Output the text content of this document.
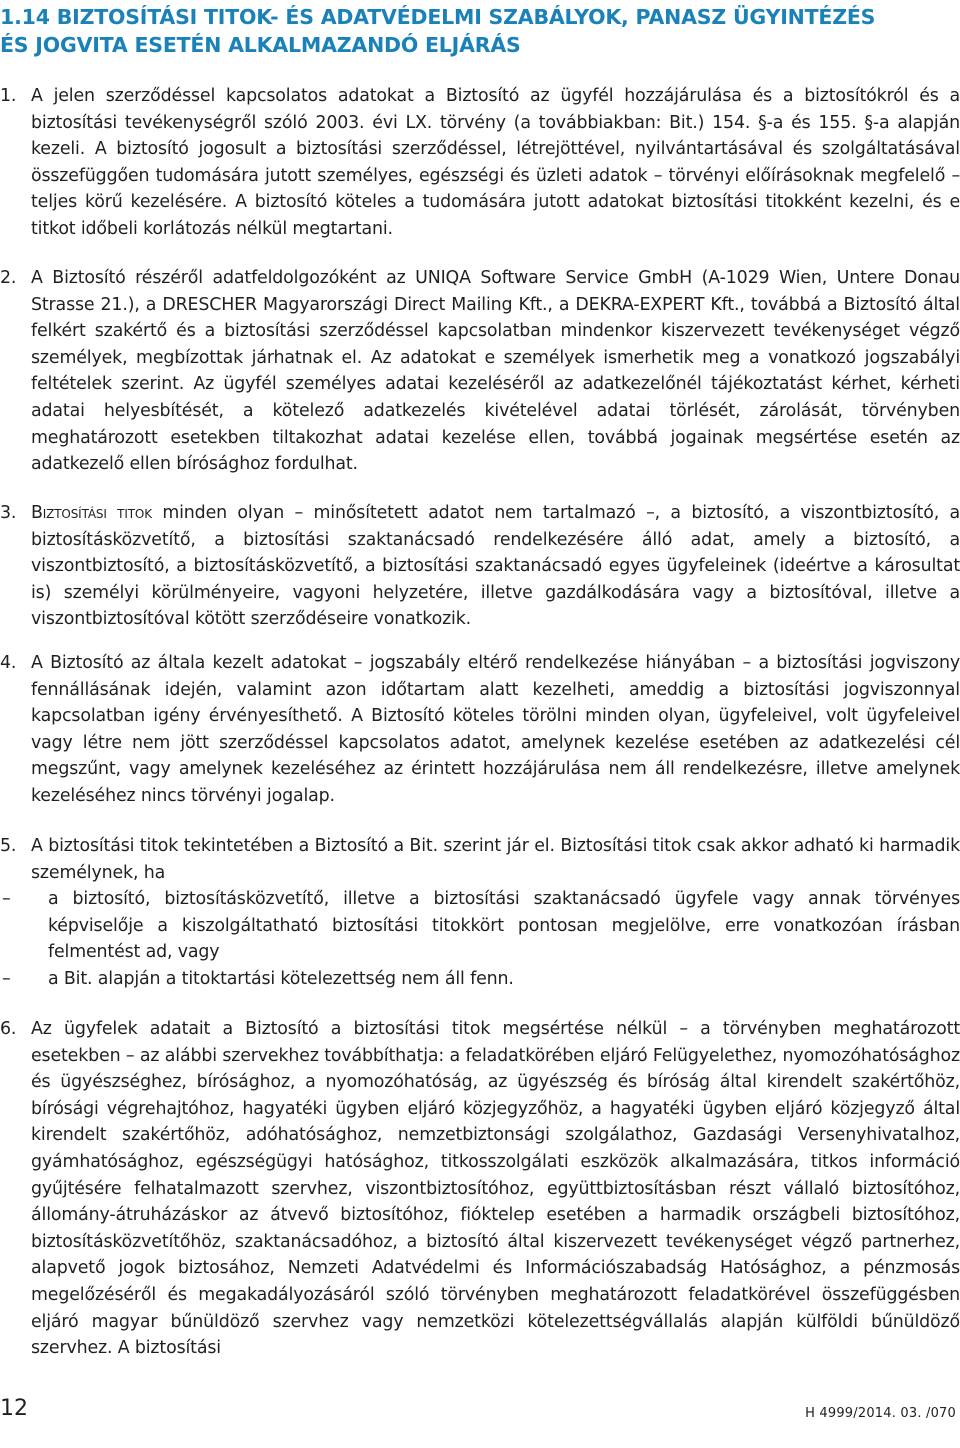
1.14 BIZTOSÍTÁSI TITOK- ÉS ADATVÉDELMI SZABÁLYOK, PANASZ ÜGYINTÉZÉS
ÉS JOGVITA ESETÉN ALKALMAZANDÓ ELJÁRÁS
1. A jelen szerződéssel kapcsolatos adatokat a Biztosító az ügyfél hozzájárulása és a biztosítókról és a biztosítási tevékenységről szóló 2003. évi LX. törvény (a továbbiakban: Bit.) 154. §-a és 155. §-a alapján kezeli. A biztosító jogosult a biztosítási szerződéssel, létrejöttével, nyilvántartásával és szolgáltatásával összefüggően tudomására jutott személyes, egészségi és üzleti adatok – törvényi előírásoknak megfelelő – teljes körű kezelésére. A biztosító köteles a tudomására jutott adatokat biztosítási titokként kezelni, és e titkot időbeli korlátozás nélkül megtartani.
2. A Biztosító részéről adatfeldolgozóként az UNIQA Software Service GmbH (A-1029 Wien, Untere Donau Strasse 21.), a DRESCHER Magyarországi Direct Mailing Kft., a DEKRA-EXPERT Kft., továbbá a Biztosító által felkért szakértő és a biztosítási szerződéssel kapcsolatban mindenkor kiszervezett tevékenységet végző személyek, megbízottak járhatnak el. Az adatokat e személyek ismerhetik meg a vonatkozó jogszabályi feltételek szerint. Az ügyfél személyes adatai kezeléséről az adatkezelőnél tájékoztatást kérhet, kérheti adatai helyesbítését, a kötelező adatkezelés kivételével adatai törlését, zárolását, törvényben meghatározott esetekben tiltakozhat adatai kezelése ellen, továbbá jogainak megsértése esetén az adatkezelő ellen bírósághoz fordulhat.
3. Biztosítási titok minden olyan – minősítetett adatot nem tartalmazó –, a biztosító, a viszontbiztosító, a biztosításközvetítő, a biztosítási szaktanácsadó rendelkezésére álló adat, amely a biztosító, a viszontbiztosító, a biztosításközvetítő, a biztosítási szaktanácsadó egyes ügyfeleinek (ideértve a károsultat is) személyi körülményeire, vagyoni helyzetére, illetve gazdálkodására vagy a biztosítóval, illetve a viszontbiztosítóval kötött szerződéseire vonatkozik.
4. A Biztosító az általa kezelt adatokat – jogszabály eltérő rendelkezése hiányában – a biztosítási jogviszony fennállásának idején, valamint azon időtartam alatt kezelheti, ameddig a biztosítási jogviszonnyal kapcsolatban igény érvényesíthető. A Biztosító köteles törölni minden olyan, ügyfeleivel, volt ügyfeleivel vagy létre nem jött szerződéssel kapcsolatos adatot, amelynek kezelése esetében az adatkezelési cél megszűnt, vagy amelynek kezeléséhez az érintett hozzájárulása nem áll rendelkezésre, illetve amelynek kezeléséhez nincs törvényi jogalap.
5. A biztosítási titok tekintetében a Biztosító a Bit. szerint jár el. Biztosítási titok csak akkor adható ki harmadik személynek, ha
– a biztosító, biztosításközvetítő, illetve a biztosítási szaktanácsadó ügyfele vagy annak törvényes képviselője a kiszolgáltatható biztosítási titokkört pontosan megjelölve, erre vonatkozóan írásban felmentést ad, vagy
– a Bit. alapján a titoktartási kötelezettség nem áll fenn.
6. Az ügyfelek adatait a Biztosító a biztosítási titok megsértése nélkül – a törvényben meghatározott esetekben – az alábbi szervekhez továbbíthatja: a feladatkörében eljáró Felügyelethez, nyomozóhatósághoz és ügyészséghez, bírósághoz, a nyomozóhatóság, az ügyészség és bíróság által kirendelt szakértőhöz, bírósági végrehajtóhoz, hagyatéki ügyben eljáró közjegyzőhöz, a hagyatéki ügyben eljáró közjegyző által kirendelt szakértőhöz, adóhatósághoz, nemzetbiztonsági szolgálathoz, Gazdasági Versenyhivatalhoz, gyámhatósághoz, egészségügyi hatósághoz, titkosszolgálati eszközök alkalmazására, titkos információ gyűjtésére felhatalmazott szervhez, viszontbiztosítóhoz, együttbiztosításban részt vállaló biztosítóhoz, állomány-átruházáskor az átvevő biztosítóhoz, fióktelep esetében a harmadik országbeli biztosítóhoz, biztosításközvetítőhöz, szaktanácsadóhoz, a biztosító által kiszervezett tevékenységet végző partnerhez, alapvető jogok biztosához, Nemzeti Adatvédelmi és Információszabadság Hatósághoz, a pénzmosás megelőzéséről és megakadályozásáról szóló törvényben meghatározott feladatkörével összefüggésben eljáró magyar bűnüldöző szervhez vagy nemzetközi kötelezettségvállalás alapján külföldi bűnüldöző szervhez. A biztosítási
12	H 4999/2014. 03. /070
